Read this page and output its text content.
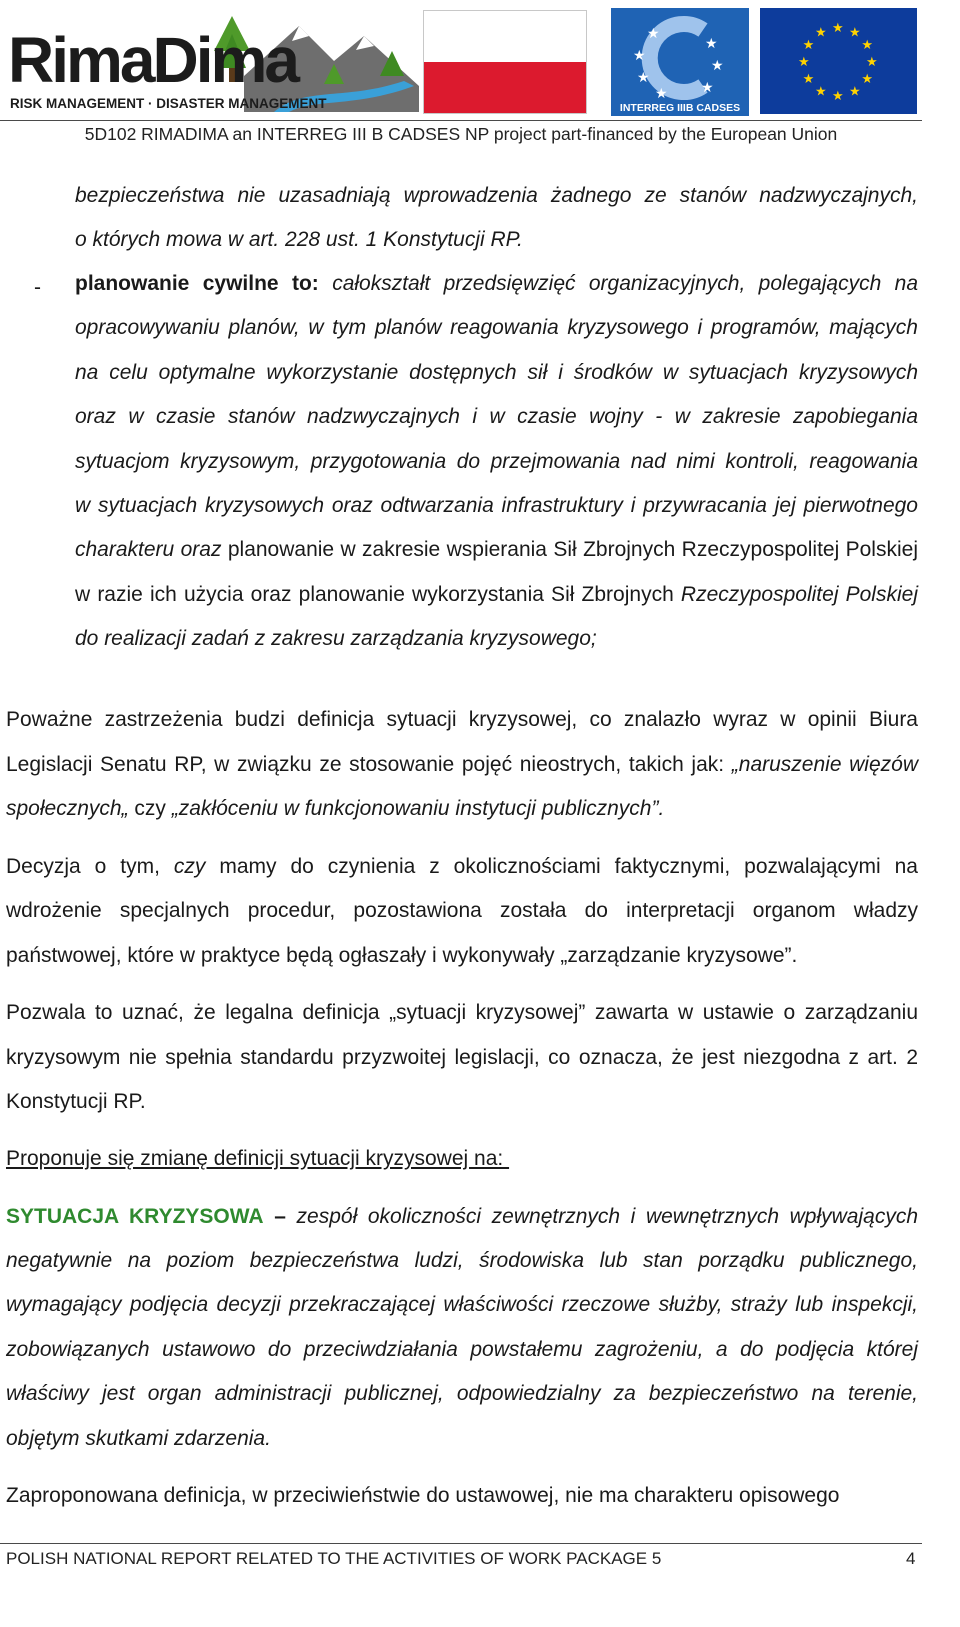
RimaDima
RISK MANAGEMENT · DISASTER MANAGEMENT
★
★
★
★
★
★
★
INTERREG IIIB CADSES
★ ★
★
★
★
★
★
★
★
★
★
★
5D102 RIMADIMA an INTERREG III B CADSES NP project part-financed by the European Union
bezpieczeństwa nie uzasadniają wprowadzenia żadnego ze stanów nadzwyczajnych,
o których mowa w art. 228 ust. 1 Konstytucji RP.
- planowanie cywilne to: całokształt przedsięwzięć organizacyjnych, polegających na
opracowywaniu planów, w tym planów reagowania kryzysowego i programów, mających
na celu optymalne wykorzystanie dostępnych sił i środków w sytuacjach kryzysowych
oraz w czasie stanów nadzwyczajnych i w czasie wojny - w zakresie zapobiegania
sytuacjom kryzysowym, przygotowania do przejmowania nad nimi kontroli, reagowania
w sytuacjach kryzysowych oraz odtwarzania infrastruktury i przywracania jej pierwotnego
charakteru oraz planowanie w zakresie wspierania Sił Zbrojnych Rzeczypospolitej Polskiej
w razie ich użycia oraz planowanie wykorzystania Sił Zbrojnych Rzeczypospolitej Polskiej
do realizacji zadań z zakresu zarządzania kryzysowego;
Poważne zastrzeżenia budzi definicja sytuacji kryzysowej, co znalazło wyraz w opinii Biura
Legislacji Senatu RP, w związku ze stosowanie pojęć nieostrych, takich jak: „naruszenie więzów
społecznych„ czy „zakłóceniu w funkcjonowaniu instytucji publicznych”.
Decyzja o tym, czy mamy do czynienia z okolicznościami faktycznymi, pozwalającymi na
wdrożenie specjalnych procedur, pozostawiona została do interpretacji organom władzy
państwowej, które w praktyce będą ogłaszały i wykonywały „zarządzanie kryzysowe”.
Pozwala to uznać, że legalna definicja „sytuacji kryzysowej” zawarta w ustawie o zarządzaniu
kryzysowym nie spełnia standardu przyzwoitej legislacji, co oznacza, że jest niezgodna z art. 2
Konstytucji RP.
Proponuje się zmianę definicji sytuacji kryzysowej na:
SYTUACJA KRYZYSOWA – zespół okoliczności zewnętrznych i wewnętrznych wpływających
negatywnie na poziom bezpieczeństwa ludzi, środowiska lub stan porządku publicznego,
wymagający podjęcia decyzji przekraczającej właściwości rzeczowe służby, straży lub inspekcji,
zobowiązanych ustawowo do przeciwdziałania powstałemu zagrożeniu, a do podjęcia której
właściwy jest organ administracji publicznej, odpowiedzialny za bezpieczeństwo na terenie,
objętym skutkami zdarzenia.
Zaproponowana definicja, w przeciwieństwie do ustawowej, nie ma charakteru opisowego
POLISH NATIONAL REPORT RELATED TO THE ACTIVITIES OF WORK PACKAGE 5	4
